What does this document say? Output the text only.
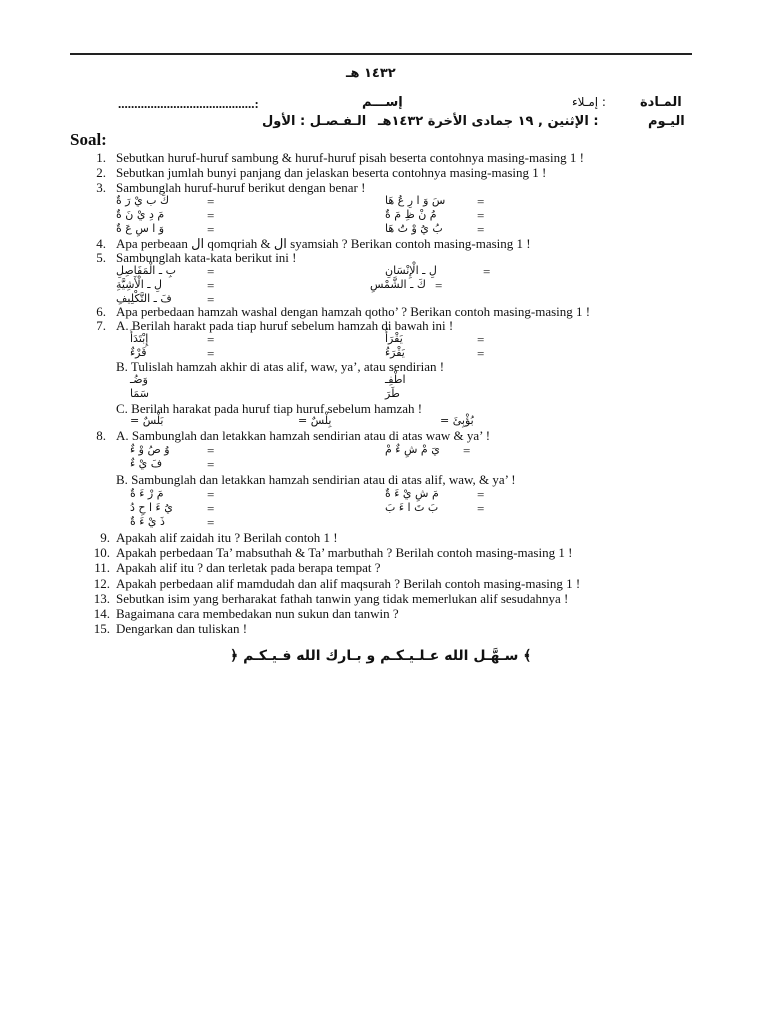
١٤٣٢ هـ
المـادة
: إمـلاء
إســـم
..........................................:
اليـوم
: الإثنين , ١٩ جمادى الأخرة ١٤٣٢هـ
الـفـصـل : الأول
Soal:
1. Sebutkan huruf-huruf sambung & huruf-huruf pisah beserta contohnya masing-masing 1 !
2. Sebutkan jumlah bunyi panjang dan jelaskan beserta contohnya masing-masing 1 !
3. Sambunglah huruf-huruf berikut dengan benar !
كَ ب يْ رَ ةٌ
مَ دِ يْ نَ ةٌ
وَ ا سِ عَ ةٌ
=
=
=
سَ وَ ا رِ عُ هَا
مُ نْ ظِ مَ ةٌ
بُ يُ وْ تُ هَا
=
=
=
4. Apa perbeaan ال qomqriah & ال syamsiah ? Berikan contoh masing-masing 1 !
5. Sambunglah kata-kata berikut ini !
بِ ـ الْمَفَاصِلِ
لِ ـ الْأَشِيَّةِ
فَ ـ التَّكْلِيفِ
=
=
=
لِ ـ الْإِنْسَانِ
كَ ـ الشَّمْسِ
=
=
6. Apa perbedaan hamzah washal dengan hamzah qotho’ ? Berikan contoh masing-masing 1 !
7. A. Berilah harakt pada tiap huruf sebelum hamzah di bawah ini !
إِبْتَدَأَ
قَرْءٌ
=
=
يَقْرَأُ
يَقْرَءُ
=
=
B. Tulislah hamzah akhir di atas alif, waw, ya’, atau sendirian !
وَضُـ
سَمَا
اطْفِـ
طَرَ
C. Berilah harakat pada huruf tiap huruf sebelum hamzah !
بَلْسٌ =	بِلْسٌ =	بُؤْبِئَ =
8. A. Sambunglah dan letakkan hamzah sendirian atau di atas waw & ya’ !
وُ صُ وْ ءٌ
فَ يْ ءٌ
=
=
يَ مْ شِ ءٌ مْ =
B. Sambunglah dan letakkan hamzah sendirian atau di atas alif, waw, & ya’ !
مَ رْ ءَ ةٌ
يُ ءَ ا حِ دُ
ذَ يْ ءَ ةٌ
=
=
=
مَ شِ يْ ءَ ةٌ
بَ تَ ا ءَ بَ
=
=
9. Apakah alif zaidah itu ? Berilah contoh 1 !
10. Apakah perbedaan Ta’ mabsuthah & Ta’ marbuthah ? Berilah contoh masing-masing 1 !
11. Apakah alif itu ? dan terletak pada berapa tempat ?
12. Apakah perbedaan alif mamdudah dan alif maqsurah ? Berilah contoh masing-masing 1 !
13. Sebutkan isim yang berharakat fathah tanwin yang tidak memerlukan alif sesudahnya !
14. Bagaimana cara membedakan nun sukun dan tanwin ?
15. Dengarkan dan tuliskan !
﴾ سـهَّـل الله عـلـيـكـم و بـارك الله فـيـكـم ﴿
